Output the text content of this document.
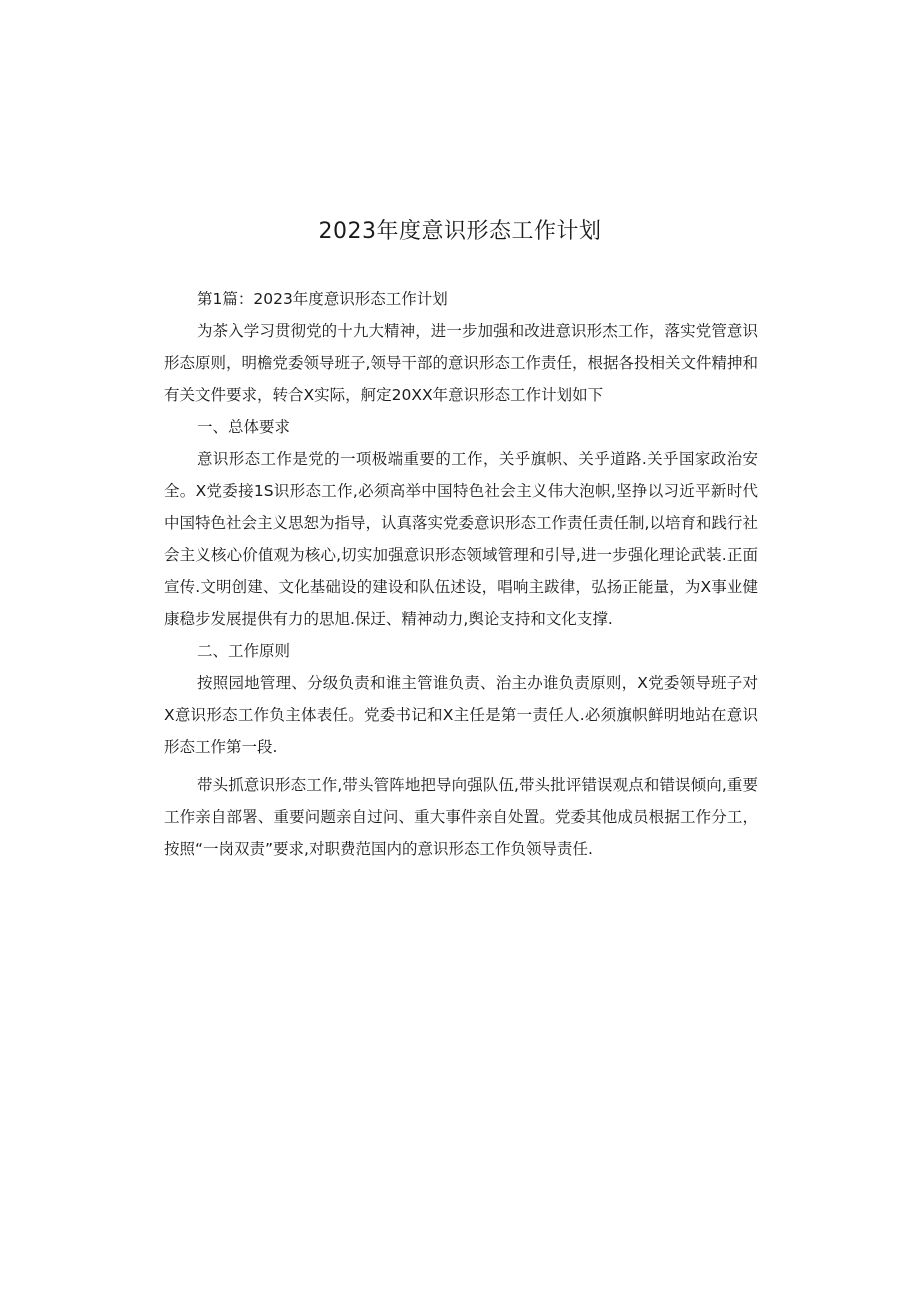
2023年度意识形态工作计划

第1篇：2023年度意识形态工作计划

为茶入学习贯彻党的十九大精神，进一步加强和改进意识形杰工作，落实党管意识形态原则，明檐党委领导班子,领导干部的意识形态工作责任，根据各投相关文件精抻和有关文件要求，转合X实际，舸定20XX年意识形态工作计划如下

一、总体要求

意识形态工作是党的一项极端重要的工作，关乎旗帜、关乎道路.关乎国家政治安全。X党委接1S识形态工作,必须高举中国特色社会主义伟大泡帜,坚挣以习近平新时代中国特色社会主义思恕为指导，认真落实党委意识形态工作责任责任制,以培育和践行社会主义核心价值观为核心,切实加强意识形态领域管理和引导,进一步强化理论武装.正面宣传.文明创建、文化基础设的建设和队伍述设，唱响主跋律，弘扬正能量，为X事业健康稳步发展提供有力的思旭.保迂、精神动力,舆论支持和文化支撑.

二、工作原则

按照园地管理、分级负责和谁主管谁负责、治主办谁负责原则，X党委领导班子对X意识形态工作负主体表任。党委书记和X主任是第一责任人.必须旗帜鲜明地站在意识形态工作第一段.

带头抓意识形态工作,带头管阵地把导向强队伍,带头批评错误观点和错误倾向,重要工作亲自部署、重要问题亲自过问、重大事件亲自处置。党委其他成员根据工作分工，按照“一岗双责”要求,对职费范国内的意识形态工作负领导责任.
